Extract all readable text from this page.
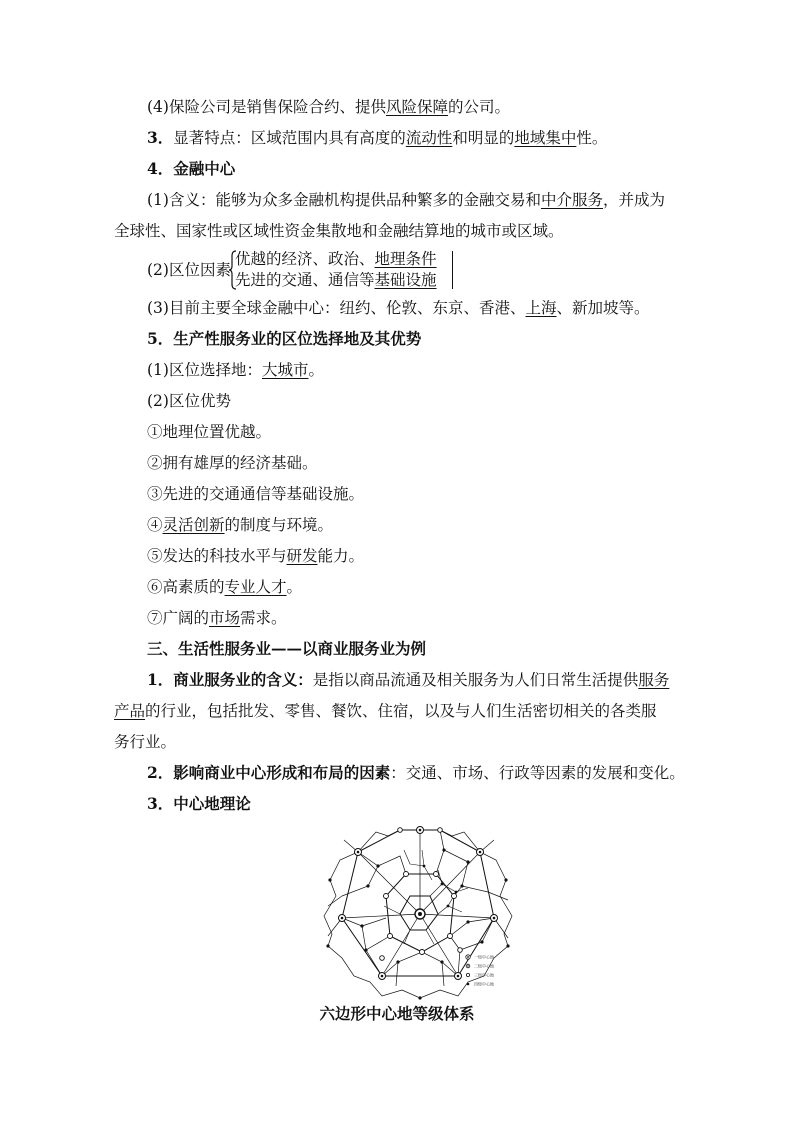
(4)保险公司是销售保险合约、提供风险保障的公司。
3．显著特点：区域范围内具有高度的流动性和明显的地域集中性。
4．金融中心
(1)含义：能够为众多金融机构提供品种繁多的金融交易和中介服务，并成为
全球性、国家性或区域性资金集散地和金融结算地的城市或区域。
(2)区位因素
优越的经济、政治、地理条件
先进的交通、通信等基础设施
(3)目前主要全球金融中心：纽约、伦敦、东京、香港、上海、新加坡等。
5．生产性服务业的区位选择地及其优势
(1)区位选择地：大城市。
(2)区位优势
①地理位置优越。
②拥有雄厚的经济基础。
③先进的交通通信等基础设施。
④灵活创新的制度与环境。
⑤发达的科技水平与研发能力。
⑥高素质的专业人才。
⑦广阔的市场需求。
三、生活性服务业——以商业服务业为例
1．商业服务业的含义：是指以商品流通及相关服务为人们日常生活提供服务
产品的行业，包括批发、零售、餐饮、住宿，以及与人们生活密切相关的各类服
务行业。
2．影响商业中心形成和布局的因素：交通、市场、行政等因素的发展和变化。
3．中心地理论
一级中心地
二级中心地
三级中心地
四级中心地
六边形中心地等级体系
